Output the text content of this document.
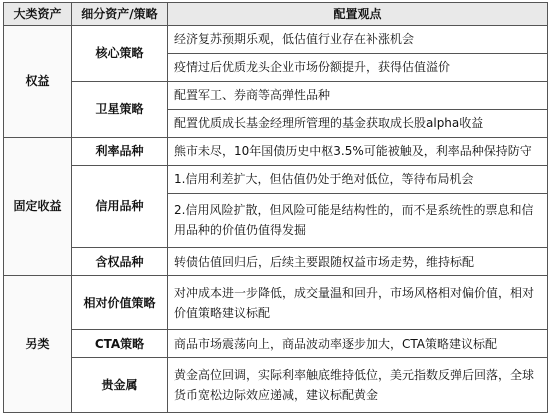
大类资产	细分资产/策略	配置观点
权益	核心策略	经济复苏预期乐观，低估值行业存在补涨机会
		疫情过后优质龙头企业市场份额提升，获得估值溢价
	卫星策略	配置军工、券商等高弹性品种
		配置优质成长基金经理所管理的基金获取成长股alpha收益
固定收益	利率品种	熊市未尽，10年国债历史中枢3.5%可能被触及，利率品种保持防守
	信用品种	1.信用利差扩大，但估值仍处于绝对低位，等待布局机会
		2.信用风险扩散，但风险可能是结构性的，而不是系统性的票息和信用品种的价值仍值得发掘
	含权品种	转债估值回归后，后续主要跟随权益市场走势，维持标配
另类	相对价值策略	对冲成本进一步降低，成交量温和回升，市场风格相对偏价值，相对价值策略建议标配
	CTA策略	商品市场震荡向上，商品波动率逐步加大，CTA策略建议标配
	贵金属	黄金高位回调，实际利率触底维持低位，美元指数反弹后回落，全球货币宽松边际效应递减，建议标配黄金
